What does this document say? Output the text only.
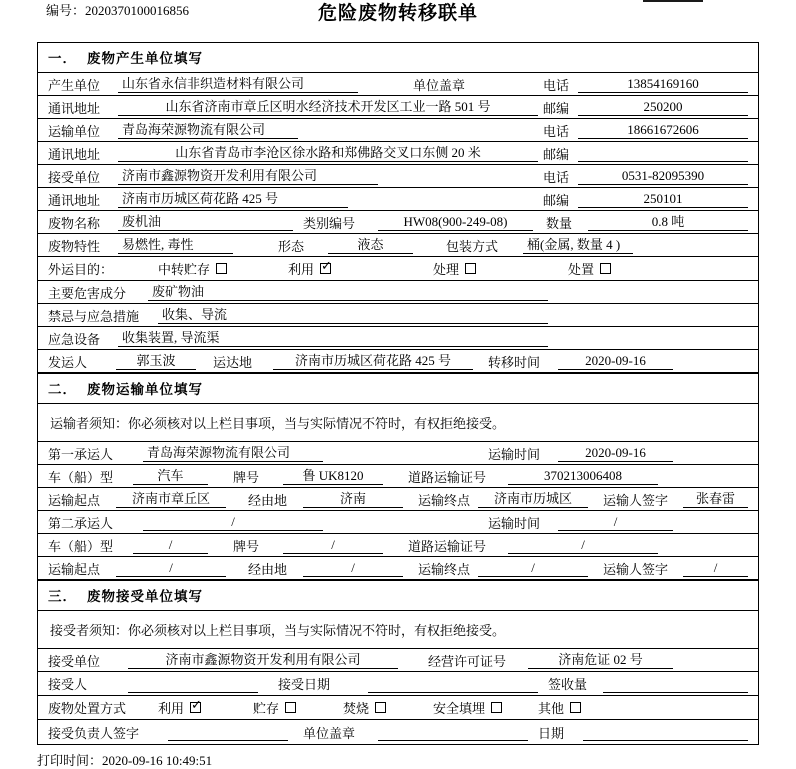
编号：2020370100016856	危险废物转移联单
一． 废物产生单位填写
产生单位	山东省永信非织造材料有限公司	单位盖章	电话	13854169160
通讯地址	山东省济南市章丘区明水经济技术开发区工业一路 501 号	邮编	250200
运输单位	青岛海荣源物流有限公司	电话	18661672606
通讯地址	山东省青岛市李沧区徐水路和郑佛路交叉口东侧 20 米	邮编
接受单位	济南市鑫源物资开发利用有限公司	电话	0531-82095390
通讯地址	济南市历城区荷花路 425 号	邮编	250101
废物名称	废机油	类别编号	HW08(900-249-08)	数量	0.8 吨
废物特性	易燃性, 毒性	形态	液态	包装方式	桶(金属, 数量 4 )
外运目的：	中转贮存	利用 ✓	处理	处置
主要危害成分	废矿物油
禁忌与应急措施	收集、导流
应急设备	收集装置, 导流渠
发运人	郭玉波	运达地	济南市历城区荷花路 425 号	转移时间	2020-09-16
二． 废物运输单位填写
运输者须知：你必须核对以上栏目事项，当与实际情况不符时，有权拒绝接受。
第一承运人	青岛海荣源物流有限公司	运输时间	2020-09-16
车（船）型	汽车	牌号	鲁 UK8120	道路运输证号	370213006408
运输起点	济南市章丘区	经由地	济南	运输终点	济南市历城区	运输人签字	张春雷
第二承运人	/	运输时间	/
车（船）型	/	牌号	/	道路运输证号	/
运输起点	/	经由地	/	运输终点	/	运输人签字	/
三． 废物接受单位填写
接受者须知：你必须核对以上栏目事项，当与实际情况不符时，有权拒绝接受。
接受单位	济南市鑫源物资开发利用有限公司	经营许可证号	济南危证 02 号
接受人	接受日期	签收量
废物处置方式 利用 ✓	贮存	焚烧	安全填埋	其他
接受负责人签字	单位盖章	日期
打印时间：2020-09-16 10:49:51
